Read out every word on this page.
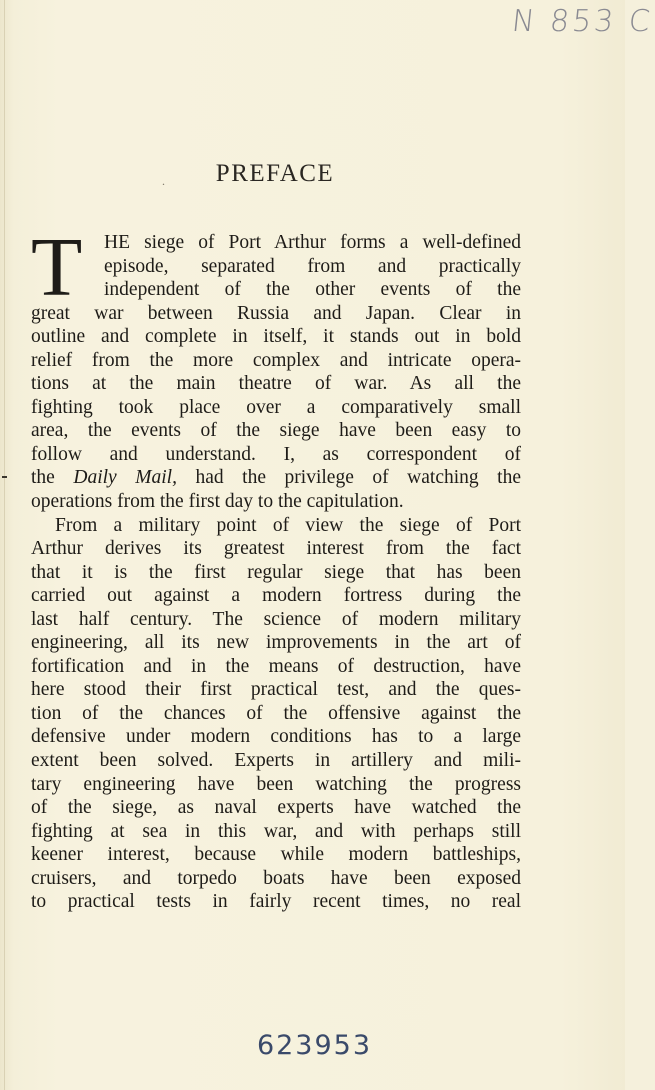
N 853 C
.	PREFACE
T	HE siege of Port Arthur forms a well-defined
episode, separated from and practically
independent of the other events of the
great war between Russia and Japan. Clear in
outline and complete in itself, it stands out in bold
relief from the more complex and intricate opera-
tions at the main theatre of war. As all the
fighting took place over a comparatively small
area, the events of the siege have been easy to
follow and understand. I, as correspondent of
the Daily Mail, had the privilege of watching the
operations from the first day to the capitulation.
From a military point of view the siege of Port
Arthur derives its greatest interest from the fact
that it is the first regular siege that has been
carried out against a modern fortress during the
last half century. The science of modern military
engineering, all its new improvements in the art of
fortification and in the means of destruction, have
here stood their first practical test, and the ques-
tion of the chances of the offensive against the
defensive under modern conditions has to a large
extent been solved. Experts in artillery and mili-
tary engineering have been watching the progress
of the siege, as naval experts have watched the
fighting at sea in this war, and with perhaps still
keener interest, because while modern battleships,
cruisers, and torpedo boats have been exposed
to practical tests in fairly recent times, no real
623953
